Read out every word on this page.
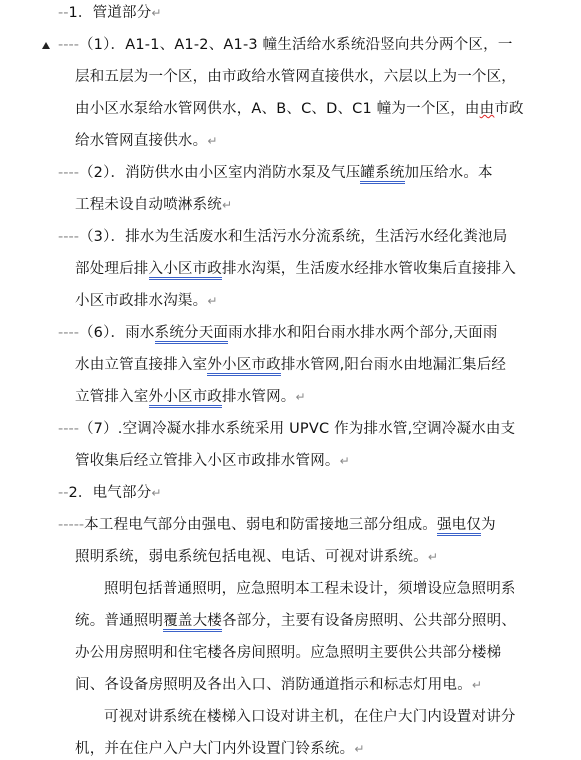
--1．管道部分↵
----（1）．A1-1、A1-2、A1-3 幢生活给水系统沿竖向共分两个区，一
层和五层为一个区，由市政给水管网直接供水，六层以上为一个区，
由小区水泵给水管网供水，A、B、C、D、C1 幢为一个区，由由市政
给水管网直接供水。↵
----（2）．消防供水由小区室内消防水泵及气压罐系统加压给水。本
工程未设自动喷淋系统↵
----（3）．排水为生活废水和生活污水分流系统，生活污水经化粪池局
部处理后排入小区市政排水沟渠，生活废水经排水管收集后直接排入
小区市政排水沟渠。↵
----（6）．雨水系统分天面雨水排水和阳台雨水排水两个部分,天面雨
水由立管直接排入室外小区市政排水管网,阳台雨水由地漏汇集后经
立管排入室外小区市政排水管网。↵
----（7）.空调冷凝水排水系统采用 UPVC 作为排水管,空调冷凝水由支
管收集后经立管排入小区市政排水管网。↵
--2．电气部分↵
-----本工程电气部分由强电、弱电和防雷接地三部分组成。强电仅为
照明系统，弱电系统包括电视、电话、可视对讲系统。↵
照明包括普通照明，应急照明本工程未设计，须增设应急照明系
统。普通照明覆盖大楼各部分，主要有设备房照明、公共部分照明、
办公用房照明和住宅楼各房间照明。应急照明主要供公共部分楼梯
间、各设备房照明及各出入口、消防通道指示和标志灯用电。↵
可视对讲系统在楼梯入口设对讲主机，在住户大门内设置对讲分
机，并在住户入户大门内外设置门铃系统。↵
